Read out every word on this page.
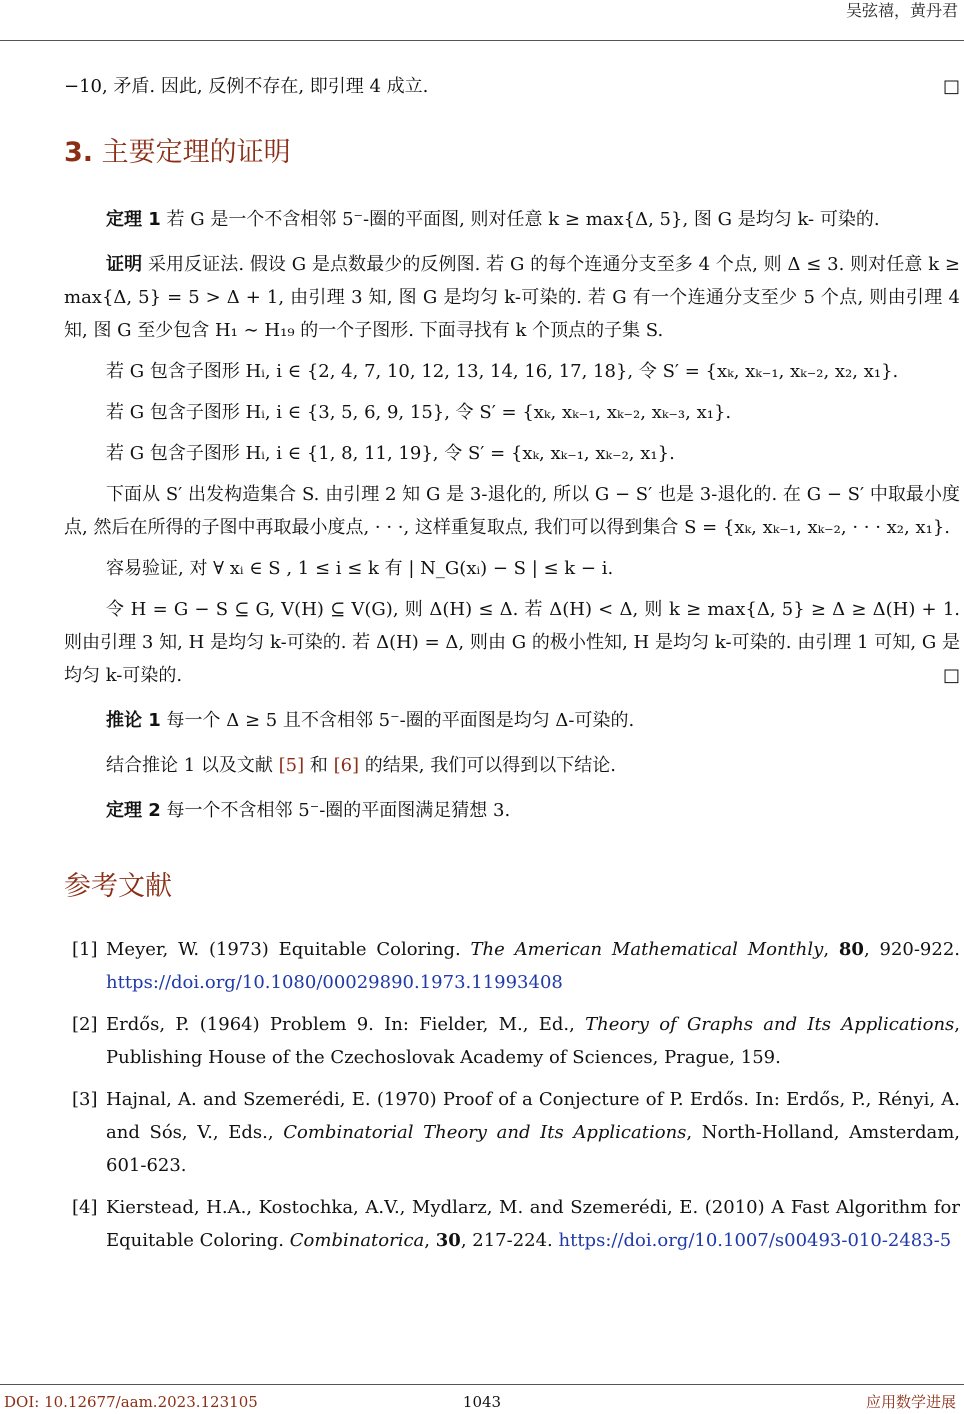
吴弦禧，黄丹君

−10, 矛盾. 因此, 反例不存在, 即引理 4 成立.	□

3. 主要定理的证明

定理 1 若 G 是一个不含相邻 5⁻-圈的平面图, 则对任意 k ≥ max{Δ, 5}, 图 G 是均匀 k- 可染的.

证明 采用反证法. 假设 G 是点数最少的反例图. 若 G 的每个连通分支至多 4 个点, 则 Δ ≤ 3. 则对任意 k ≥ max{Δ, 5} = 5 > Δ + 1, 由引理 3 知, 图 G 是均匀 k-可染的. 若 G 有一个连通分支至少 5 个点, 则由引理 4 知, 图 G 至少包含 H₁ ∼ H₁₉ 的一个子图形. 下面寻找有 k 个顶点的子集 S.

若 G 包含子图形 Hᵢ, i ∈ {2, 4, 7, 10, 12, 13, 14, 16, 17, 18}, 令 S′ = {xₖ, xₖ₋₁, xₖ₋₂, x₂, x₁}.

若 G 包含子图形 Hᵢ, i ∈ {3, 5, 6, 9, 15}, 令 S′ = {xₖ, xₖ₋₁, xₖ₋₂, xₖ₋₃, x₁}.

若 G 包含子图形 Hᵢ, i ∈ {1, 8, 11, 19}, 令 S′ = {xₖ, xₖ₋₁, xₖ₋₂, x₁}.

下面从 S′ 出发构造集合 S. 由引理 2 知 G 是 3-退化的, 所以 G − S′ 也是 3-退化的. 在 G − S′ 中取最小度点, 然后在所得的子图中再取最小度点, · · ·, 这样重复取点, 我们可以得到集合 S = {xₖ, xₖ₋₁, xₖ₋₂, · · · x₂, x₁}.

容易验证, 对 ∀ xᵢ ∈ S , 1 ≤ i ≤ k 有 | N_G(xᵢ) − S | ≤ k − i.

令 H = G − S ⊆ G, V(H) ⊆ V(G), 则 Δ(H) ≤ Δ. 若 Δ(H) < Δ, 则 k ≥ max{Δ, 5} ≥ Δ ≥ Δ(H) + 1. 则由引理 3 知, H 是均匀 k-可染的. 若 Δ(H) = Δ, 则由 G 的极小性知, H 是均匀 k-可染的. 由引理 1 可知, G 是均匀 k-可染的.	□

推论 1 每一个 Δ ≥ 5 且不含相邻 5⁻-圈的平面图是均匀 Δ-可染的.

结合推论 1 以及文献 [5] 和 [6] 的结果, 我们可以得到以下结论.

定理 2 每一个不含相邻 5⁻-圈的平面图满足猜想 3.

参考文献
[1] Meyer, W. (1973) Equitable Coloring. The American Mathematical Monthly, 80, 920-922. https://doi.org/10.1080/00029890.1973.11993408
[2] Erdős, P. (1964) Problem 9. In: Fielder, M., Ed., Theory of Graphs and Its Applications, Publishing House of the Czechoslovak Academy of Sciences, Prague, 159.
[3] Hajnal, A. and Szemerédi, E. (1970) Proof of a Conjecture of P. Erdős. In: Erdős, P., Rényi, A. and Sós, V., Eds., Combinatorial Theory and Its Applications, North-Holland, Amsterdam, 601-623.
[4] Kierstead, H.A., Kostochka, A.V., Mydlarz, M. and Szemerédi, E. (2010) A Fast Algorithm for Equitable Coloring. Combinatorica, 30, 217-224. https://doi.org/10.1007/s00493-010-2483-5
DOI: 10.12677/aam.2023.123105	1043	应用数学进展
